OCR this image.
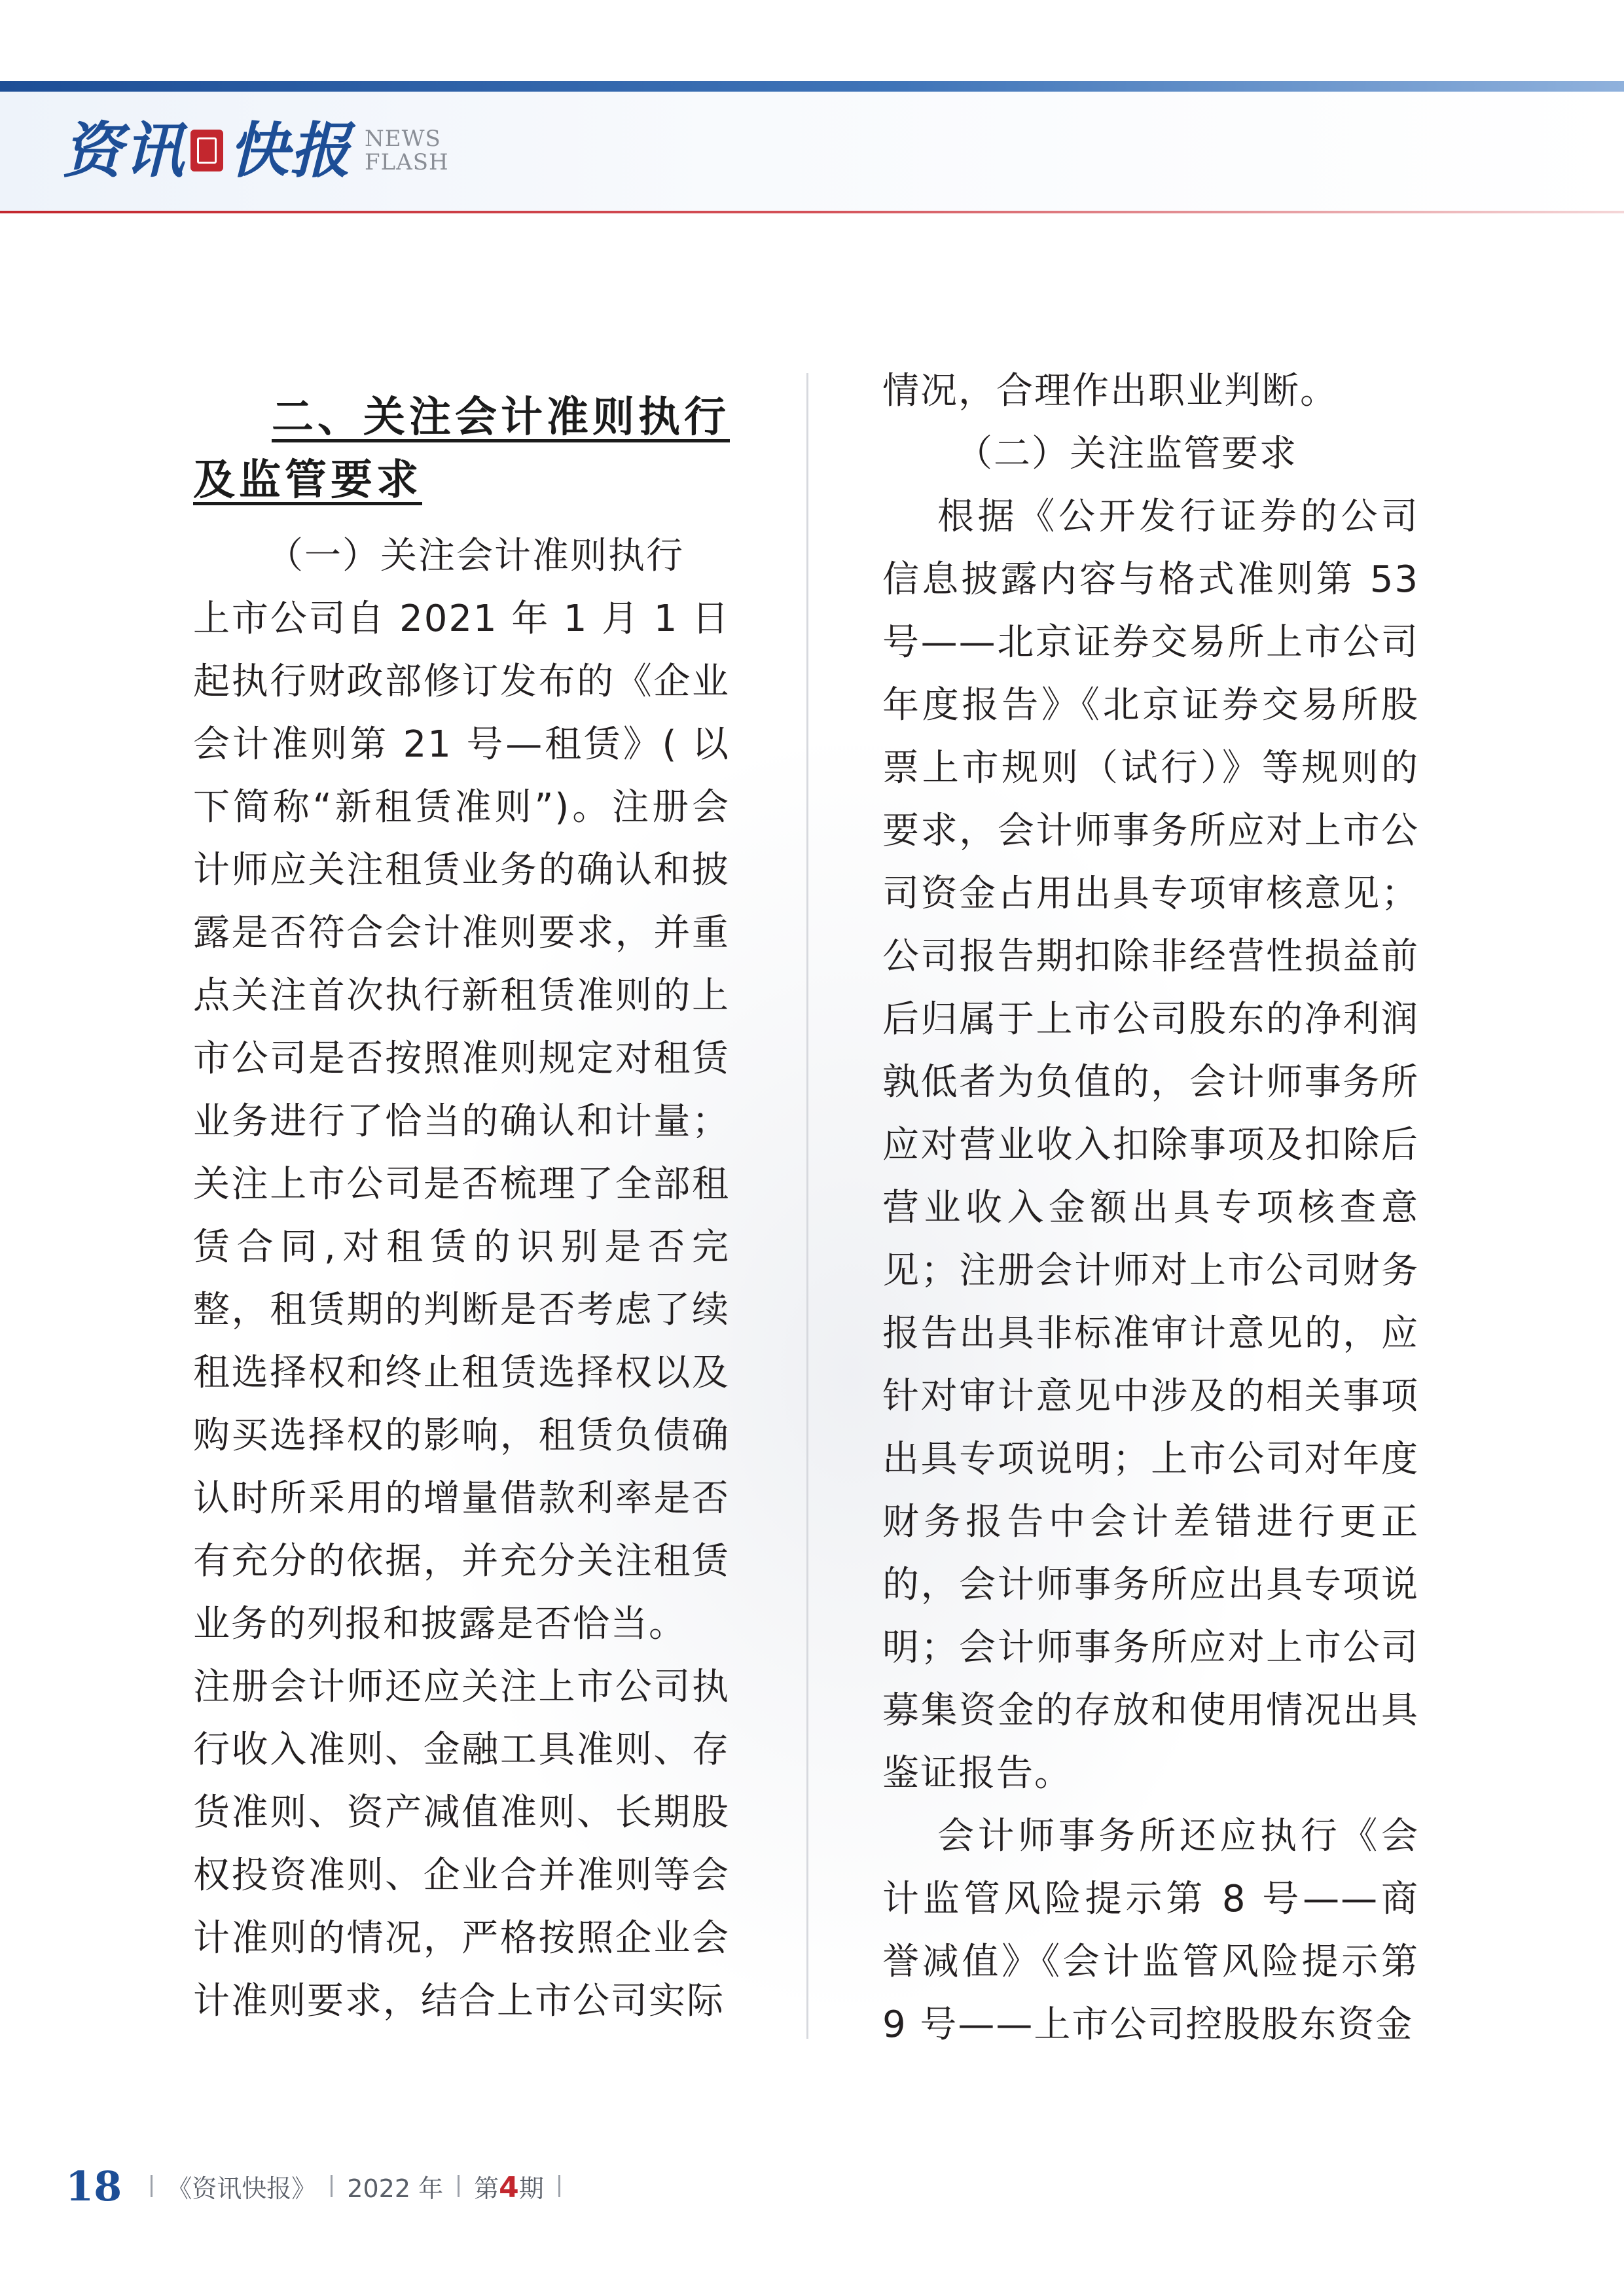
资讯 快报 NEWS
FLASH
二、关注会计准则执行
及监管要求

（一）关注会计准则执行

上市公司自 2021 年 1 月 1 日起执行财政部修订发布的《企业会计准则第 21 号—租赁》( 以下简称“新租赁准则”)。注册会计师应关注租赁业务的确认和披露是否符合会计准则要求，并重点关注首次执行新租赁准则的上市公司是否按照准则规定对租赁业务进行了恰当的确认和计量；关注上市公司是否梳理了全部租赁合同,对租赁的识别是否完整，租赁期的判断是否考虑了续租选择权和终止租赁选择权以及购买选择权的影响，租赁负债确认时所采用的增量借款利率是否有充分的依据，并充分关注租赁业务的列报和披露是否恰当。

注册会计师还应关注上市公司执行收入准则、金融工具准则、存货准则、资产减值准则、长期股权投资准则、企业合并准则等会计准则的情况，严格按照企业会计准则要求，结合上市公司实际

情况，合理作出职业判断。

（二）关注监管要求

根据《公开发行证券的公司信息披露内容与格式准则第 53 号——北京证券交易所上市公司年度报告》《北京证券交易所股票上市规则（试行）》等规则的要求，会计师事务所应对上市公司资金占用出具专项审核意见；公司报告期扣除非经营性损益前后归属于上市公司股东的净利润孰低者为负值的，会计师事务所应对营业收入扣除事项及扣除后营业收入金额出具专项核查意见；注册会计师对上市公司财务报告出具非标准审计意见的，应针对审计意见中涉及的相关事项出具专项说明；上市公司对年度财务报告中会计差错进行更正的，会计师事务所应出具专项说明；会计师事务所应对上市公司募集资金的存放和使用情况出具鉴证报告。

会计师事务所还应执行《会计监管风险提示第 8 号——商誉减值》《会计监管风险提示第 9 号——上市公司控股股东资金

18 《资讯快报》 2022 年 第4期
